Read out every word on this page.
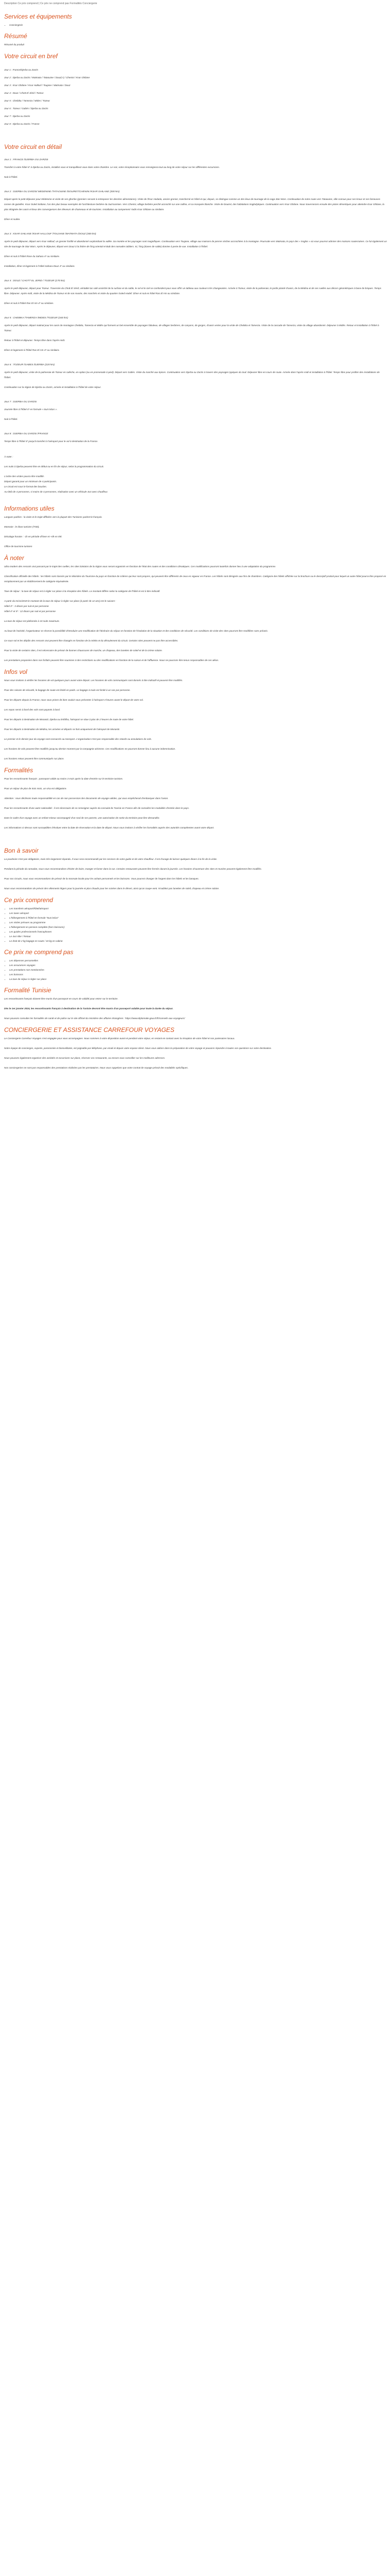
Description Ce prix comprend | Ce prix ne comprend pas Formalités Conciergerie
Services et équipements
• Conciergerie
Résumé

Résumé du produit

Votre circuit en bref

Jour 1 : France/Djerba ou Zarzis

Jour 2 : Djerba ou Zarzis / Matmata / Tataouine / Douz(+) / Chenini / Ksar Ghilane

Jour 3 : Ksar Ghilane / Ksar Hallouf / Toujane / Matmata / Douz

Jour 4 : Douz / Chott El Jérid / Tozeur

Jour 5 : Chebika / Tamerza / Mides / Tozeur

Jour 6 : Tozeur / Gabès / Djerba ou Zarzis

Jour 7 : Djerba ou Zarzis

Jour 8 : Djerba ou Zarzis / France

Votre circuit en détail
Jour 1 : FRANCE /DJERBA OU ZARZIS

Transfert à votre hôtel 4* à Djerba ou Zarzis, installez-vous et tranquillisez-vous dans votre chambre. Le soir, votre réceptionnaire vous renseignera tout au long de votre séjour sur les différentes excursions.

Nuit à l'hôtel.

Jour 2 : DJERBA OU ZARZIS/ MEDENINE /TATAOUINE /DOUIRET/CHENINI /KSAR GHILANE (300 km)

Départ après le petit déjeuner pour Médenine et visite de ses ghorfas (greniers servant à entreposer les denrées alimentaires). Visite de l'ksar Hadada, ancien grenier, transformé en hôtel et qui, depuis, se distingue comme un des lieux de tournage de la saga Star Wars. Continuation de notre route vers Tataouine, ville connue pour ses ksour et ses fameuses cornes de gazelles. Ksar Ouled Soltane, l'un des plus beaux exemples de l'architecture berbère du Sud tunisien. Vers Chenini, village berbère perché accroché sur une colline, et sa mosquée blanche. Visite de Douiret, des habitations troglodytiques. Continuation vers Ksar Ghilane. Nous traverserons ensuite des pistes désertiques pour atteindre Ksar Ghilane, la plus éloignée des oasis et lieux des convergences des éleveurs de chameaux et de touristes. Installation au campement Yadis Ksar Ghilane ou similaire.

Dîner et nuitée.

Jour 3 : KSAR GHILANE /KSAR HALLOUF /TOUJANE /MATMATA /DOUZ (300 km)

Après le petit déjeuner, départ vers Ksar Hallouf, un grenier fortifié et abandonné surplombant la vallée. Sa montée et les paysages sont magnifiques. Continuation vers Toujane, village aux maisons de pierres sèches accrochées à la montagne. Poursuite vers Matmata, le pays des « troglos » où vous pourrez admirer des maisons souterraines. Ce fut également un site de tournage de Star Wars. Après le déjeuner, départ vers Douz à la lisière de l'Erg oriental et Bab des nomades tabliers. Ici, l'Erg (dunes de sable) domine à perte de vue. Installation à l'hôtel.

Dîner et nuit à l'hôtel Rose du Sahara 4* ou similaire.

Installation, dîner et logement à l'Hôtel Sahara Douz 4* ou similaire.

Jour 4 : DOUZ / CHOTT EL JERID / TOZEUR (170 km)

Après le petit déjeuner, départ pour Tozeur. Traversée du Chott El Jérid, véritable lac salé asséché de la surface et du sable, le sel et le ciel se confondent pour vous offrir un tableau aux couleurs très changeantes. Arrivée à Tozeur, visite de la palmeraie, le jardin planté d'oasis, de la Médina et de ses ruelles aux décors géométriques à base de briques. Temps libre. Déjeuner. Après-midi, visite de la Médina de Tozeur et de son musée, des marchés et visite du quartier Ouled Hadef. Dîner et nuit en hôtel Ras El Aïn ou similaire.

Dîner et nuit à l'hôtel Ras El Aïn 4* ou similaire.

Jour 5 : CHEBIKA /TAMERZA /MIDES /TOZEUR (160 km)

Après le petit déjeuner, départ matinal pour les oasis de montagne Chebika, Tamerza et Midès qui forment un bel ensemble de paysages fabuleux, de villages berbères, de canyons, de gorges, d'oasis vertes pour la visite de Chebika et Tamerza. Visite de la cascade de Tamerza, visite du village abandonné. Déjeuner à Midès. Retour et installation à l'hôtel à Tozeur.

Retour à l'hôtel et déjeuner. Temps libre dans l'après-midi.

Dîner et logement à l'hôtel Ras El Aïn 4* ou similaire.

Jour 6 : TOZEUR /GABES /DJERBA (220 km)

Après le petit déjeuner, visite de la palmeraie de Tozeur en calèche, en option (ou en promenade à pied). Départ vers Gabès. Visite du marché aux épices. Continuation vers Djerba ou Zarzis à travers des paysages typiques du Sud. Déjeuner libre en cours de route. Arrivée dans l'après-midi et installation à l'hôtel. Temps libre pour profiter des installations de l'hôtel.

Continuation sur la région de Djerba ou Zarzis, arrivée et installation à l'hôtel de votre séjour.

Jour 7 : DJERBA OU ZARZIS

Journée libre à l'hôtel 4* en formule « tout inclus ».

Nuit à l'hôtel.

Jour 8 : DJERBA OU ZARZIS /FRANCE

Temps libre à l'hôtel 4* jusqu'à transfert à l'aéroport pour le vol à destination de la France.

À noter :

Les nuits à Djerba peuvent être en début ou en fin de séjour, selon la programmation du circuit.

L'ordre des visites pourra être modifié.
Départ garanti pour un minimum de 4 participants.
Le circuit est sous le format des boucles.
Au-delà de 4 personnes, si moins de 4 personnes, réalisation avec un véhicule 4x4 avec chauffeur.

Informations utiles

Langues parlées : la visite et le trajet difficiles vers la plupart des Tunisiens parlent le français.

Monnaie : le dinar tunisien (TND).

Décalage horaire : -1h en période d'hiver et +0h en été.

Office de tourisme tunisien

À noter

Ultra modern des ressorts 4x4 passant par le trajet des ruelles, les sites lointains de la région vous seront organisés en fonction de l'état des routes et des conditions climatiques. Ces modifications pourront toutefois donner lieu à une adaptation du programme.

Classification officielle des hôtels : les hôtels sont classés par le Ministère du Tourisme du pays en fonction de critères qui leur sont propres, qui peuvent être différents de ceux en vigueur en France. Les hôtels sont désignés aux fins de chambres. Catégorie des hôtels affichée sur la brochure ou le descriptif produit pour lequel un autre hôtel pourra être proposé en remplacement par un établissement de catégorie équivalente.

Taxe de séjour : la taxe de séjour est à régler sur place à la réception des hôtels. Le montant diffère selon la catégorie de l'hôtel et est à titre indicatif.

A partir du 01/11/2019 le montant de la taxe de séjour à régler sur place (à partir de 12 ans) est le suivant :
Hôtel 3* : 3 dinars par nuit et par personne
Hôtel 4* et 5* : 12 dinars par nuit et par personne

La taxe de séjour est plafonnée à 10 nuits maximum.

Au bout de l'activité, l'organisateur se réserve la possibilité d'introduire une modification de l'itinéraire du séjour en fonction de l'évolution de la situation et des conditions de sécurité. Les conditions de visite des sites pourront être modifiées sans préavis.

Ce sous-sol et les dépôts des ressorts 4x4 peuvent être changés en fonction de la météo et du déroulement du circuit. Certains sites peuvent ne pas être accessibles.

Pour la visite de certains sites, il est nécessaire de prévoir de bonnes chaussures de marche, un chapeau, des lunettes de soleil et de la crème solaire.

Les prestations proposées dans nos forfaits peuvent être soumises à des restrictions ou des modifications en fonction de la saison et de l'affluence. Nous ne pourrons être tenus responsables de ces aléas.

Infos vol

Nous vous invitons à vérifier les horaires de vol quelques jours avant votre départ. Les horaires de vols communiqués sont donnés à titre indicatif et peuvent être modifiés.

Pour des raisons de sécurité, le bagage de soute est limité en poids. Le bagage à main est limité à un sac par personne.

Pour les départs depuis la France, nous vous prions de bien vouloir vous présenter à l'aéroport 3 heures avant le départ de votre vol.

Les repas servis à bord des vols sont payants à bord.

Pour les départs à destination de Monastir, Djerba ou Enfidha, l'aéroport se situe à plus de 2 heures de route de votre hôtel.

Pour les départs à destination de Médina, les arrivées et départs se font uniquement de l'aéroport de Monastir.

Le premier et le dernier jour du voyage sont consacrés au transport. L'organisation n'est pas responsable des retards ou annulations de vols.

Les horaires de vols peuvent être modifiés jusqu'au dernier moment par la compagnie aérienne. Ces modifications ne pourront donner lieu à aucune indemnisation.

Les horaires retour peuvent être communiqués sur place.

Formalités

Pour les ressortissants français : passeport valide au moins 3 mois après la date d'entrée sur le territoire tunisien.

Pour un séjour de plus de trois mois, un visa est obligatoire.

Attention : nous déclinons toute responsabilité en cas de non possession des documents de voyage valides, qui vous empêcherait d'embarquer dans l'avion.

Pour les ressortissants d'une autre nationalité : il est nécessaire de se renseigner auprès du consulat de Tunisie en France afin de connaître les modalités d'entrée dans le pays.

Dans le cadre d'un voyage avec un enfant mineur accompagné d'un seul de ses parents, une autorisation de sortie du territoire peut être demandée.

Les informations ci-dessus sont susceptibles d'évoluer entre la date de réservation et la date de départ. Nous vous invitons à vérifier les formalités auprès des autorités compétentes avant votre départ.

Bon à savoir

La pourboire n'est pas obligatoire, mais très largement répandu. Il vous sera recommandé par les services de votre guide et de votre chauffeur. Il est d'usage de laisser quelques dinars à la fin de la visite.

Pendant la période du ramadan, nous vous recommandons d'éviter de boire, manger et fumer dans la rue. Certains restaurants peuvent être fermés durant la journée. Les horaires d'ouverture des sites et musées peuvent également être modifiés.

Pour nos circuits, nous vous recommandons de prévoir de la monnaie locale pour les achats personnels et les boissons. Vous pourrez changer de l'argent dans les hôtels et les banques.

Nous vous recommandons de prévoir des vêtements légers pour la journée et plus chauds pour les soirées dans le désert, ainsi qu'un coupe-vent. N'oubliez pas lunettes de soleil, chapeau et crème solaire.

Ce prix comprend
• Les transferts aéroport/hôtel/aéroport
• Les taxes aéroport
• L'hébergement à l'hôtel en formule "tout inclus"
• Les visites prévues au programme
• L'hébergement en pension complète (hors boissons)
• Les guides professionnels francophones
• Le 4x4 Aller / Retour
• Le droit de 2 kg bagage en soute / 10 kg en cabine
Ce prix ne comprend pas
• Les dépenses personnelles
• Les assurances voyages
• Les prestations non mentionnées
• Les boissons
• La taxe de séjour à régler sur place
Formalité Tunisie

Les ressortissants français doivent être munis d'un passeport en cours de validité pour entrer sur le territoire.

Dès le 1er janvier 2024, les ressortissants français à destination de la Tunisie devront être munis d'un passeport valable pour toute la durée du séjour.

Nous pouvons consulter les formalités de santé et de police sur le site officiel du ministère des affaires étrangères : https://www.diplomatie.gouv.fr/fr/conseils-aux-voyageurs/

CONCIERGERIE ET ASSISTANCE CARREFOUR VOYAGES

Le Conciergerie Carrefour Voyages s'est engagée pour vous accompagner. Nous sommes à votre disposition avant et pendant votre séjour, en restant en contact avec la réception de votre hôtel et nos partenaires locaux.

Notre équipe de concierges, experte, passionnée et bienveillante, est joignable par téléphone, par email et depuis votre espace client. Nous vous aidons dans la préparation de votre voyage et pouvons répondre à toutes vos questions sur votre destination.

Nous pouvons également organiser des activités et excursions sur place, réserver vos restaurants, ou encore vous conseiller sur les meilleures adresses.

Nos conciergeries ne sont pas responsables des prestations réalisées par les prestataires. Nous vous rappelons que votre contrat de voyage prévoit des modalités spécifiques.
